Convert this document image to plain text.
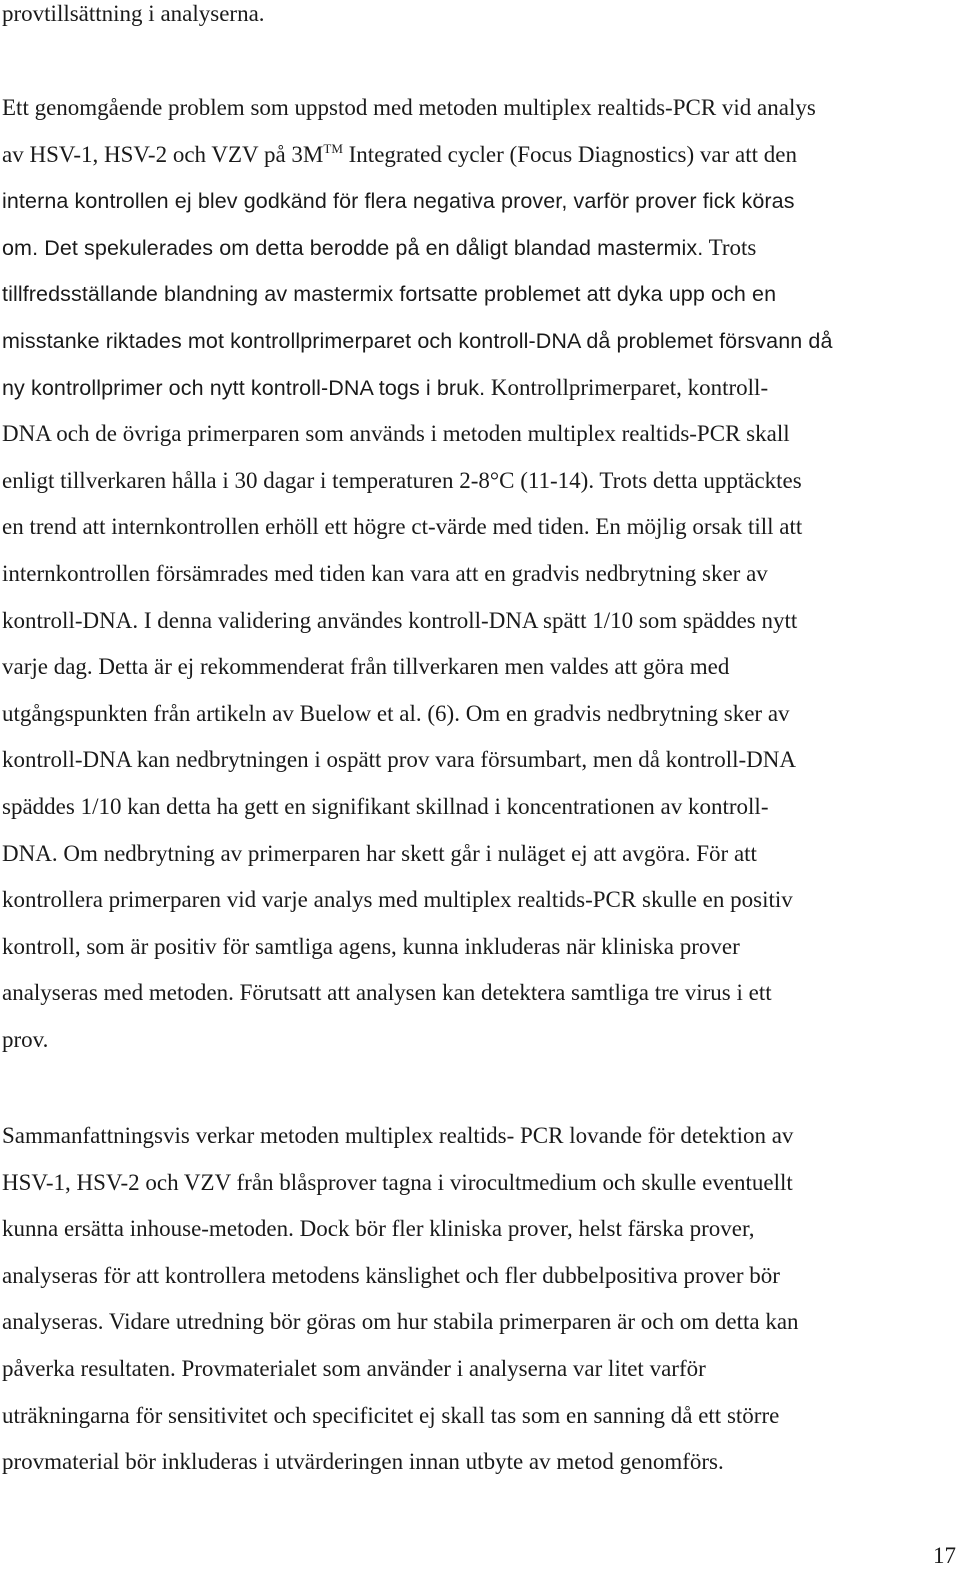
provtillsättning i analyserna.
Ett genomgående problem som uppstod med metoden multiplex realtids-PCR vid analys
av HSV-1, HSV-2 och VZV på 3M™ Integrated cycler (Focus Diagnostics) var att den
interna kontrollen ej blev godkänd för flera negativa prover, varför prover fick köras
om. Det spekulerades om detta berodde på en dåligt blandad mastermix. Trots
tillfredsställande blandning av mastermix fortsatte problemet att dyka upp och en
misstanke riktades mot kontrollprimerparet och kontroll-DNA då problemet försvann då
ny kontrollprimer och nytt kontroll-DNA togs i bruk. Kontrollprimerparet, kontroll-
DNA och de övriga primerparen som används i metoden multiplex realtids-PCR skall
enligt tillverkaren hålla i 30 dagar i temperaturen 2-8°C (11-14). Trots detta upptäcktes
en trend att internkontrollen erhöll ett högre ct-värde med tiden. En möjlig orsak till att
internkontrollen försämrades med tiden kan vara att en gradvis nedbrytning sker av
kontroll-DNA. I denna validering användes kontroll-DNA spätt 1/10 som späddes nytt
varje dag. Detta är ej rekommenderat från tillverkaren men valdes att göra med
utgångspunkten från artikeln av Buelow et al. (6). Om en gradvis nedbrytning sker av
kontroll-DNA kan nedbrytningen i ospätt prov vara försumbart, men då kontroll-DNA
späddes 1/10 kan detta ha gett en signifikant skillnad i koncentrationen av kontroll-
DNA. Om nedbrytning av primerparen har skett går i nuläget ej att avgöra. För att
kontrollera primerparen vid varje analys med multiplex realtids-PCR skulle en positiv
kontroll, som är positiv för samtliga agens, kunna inkluderas när kliniska prover
analyseras med metoden. Förutsatt att analysen kan detektera samtliga tre virus i ett
prov.
Sammanfattningsvis verkar metoden multiplex realtids- PCR lovande för detektion av
HSV-1, HSV-2 och VZV från blåsprover tagna i virocultmedium och skulle eventuellt
kunna ersätta inhouse-metoden. Dock bör fler kliniska prover, helst färska prover,
analyseras för att kontrollera metodens känslighet och fler dubbelpositiva prover bör
analyseras. Vidare utredning bör göras om hur stabila primerparen är och om detta kan
påverka resultaten. Provmaterialet som använder i analyserna var litet varför
uträkningarna för sensitivitet och specificitet ej skall tas som en sanning då ett större
provmaterial bör inkluderas i utvärderingen innan utbyte av metod genomförs.
17
